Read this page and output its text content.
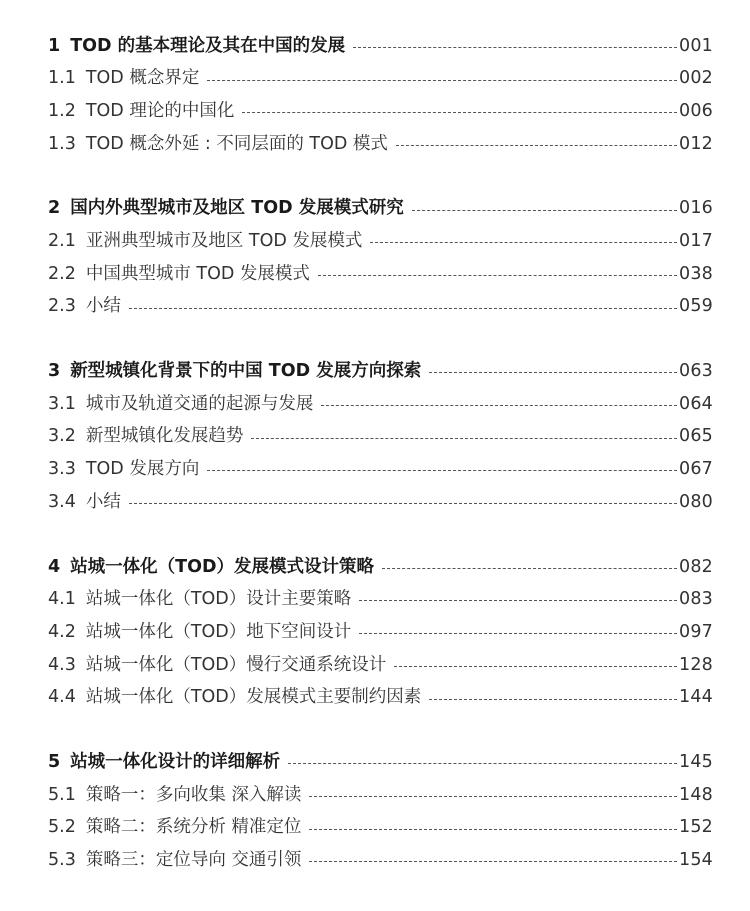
1 TOD 的基本理论及其在中国的发展	001
1.1 TOD 概念界定	002
1.2 TOD 理论的中国化	006
1.3 TOD 概念外延 : 不同层面的 TOD 模式	012
2 国内外典型城市及地区 TOD 发展模式研究	016
2.1 亚洲典型城市及地区 TOD 发展模式	017
2.2 中国典型城市 TOD 发展模式	038
2.3 小结	059
3 新型城镇化背景下的中国 TOD 发展方向探索	063
3.1 城市及轨道交通的起源与发展	064
3.2 新型城镇化发展趋势	065
3.3 TOD 发展方向	067
3.4 小结	080
4 站城一体化（TOD）发展模式设计策略	082
4.1 站城一体化（TOD）设计主要策略	083
4.2 站城一体化（TOD）地下空间设计	097
4.3 站城一体化（TOD）慢行交通系统设计	128
4.4 站城一体化（TOD）发展模式主要制约因素	144
5 站城一体化设计的详细解析	145
5.1 策略一：多向收集 深入解读	148
5.2 策略二：系统分析 精准定位	152
5.3 策略三：定位导向 交通引领	154
